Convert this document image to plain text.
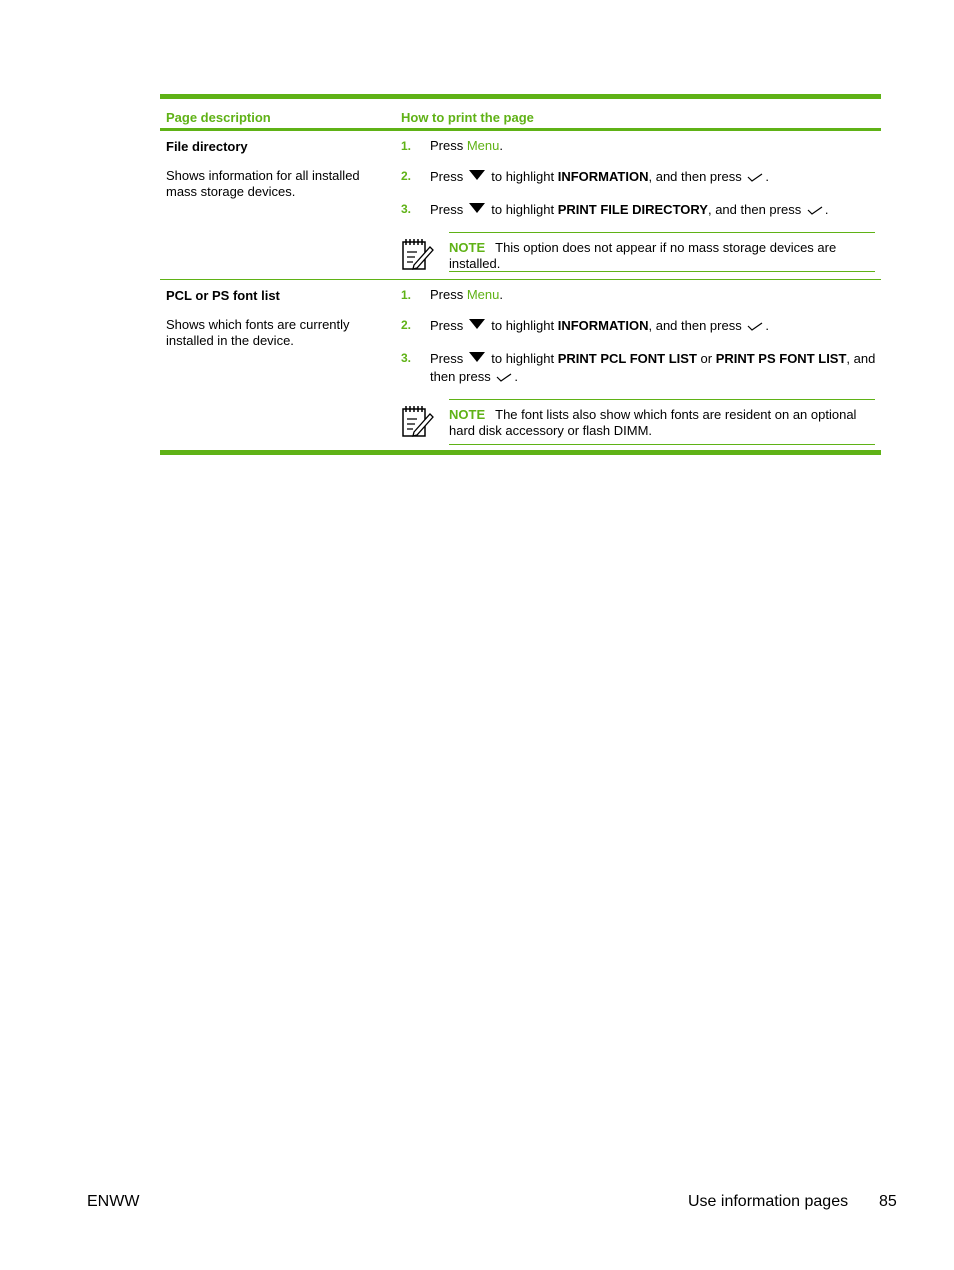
Page description	How to print the page
File directory
Shows information for all installed mass storage devices.
1. Press Menu.
2. Press to highlight INFORMATION, and then press .
3. Press to highlight PRINT FILE DIRECTORY, and then press .
NOTE This option does not appear if no mass storage devices are installed.
PCL or PS font list
Shows which fonts are currently installed in the device.
1. Press Menu.
2. Press to highlight INFORMATION, and then press .
3. Press to highlight PRINT PCL FONT LIST or PRINT PS FONT LIST, and then press .
NOTE The font lists also show which fonts are resident on an optional hard disk accessory or flash DIMM.
ENWW	Use information pages 85
